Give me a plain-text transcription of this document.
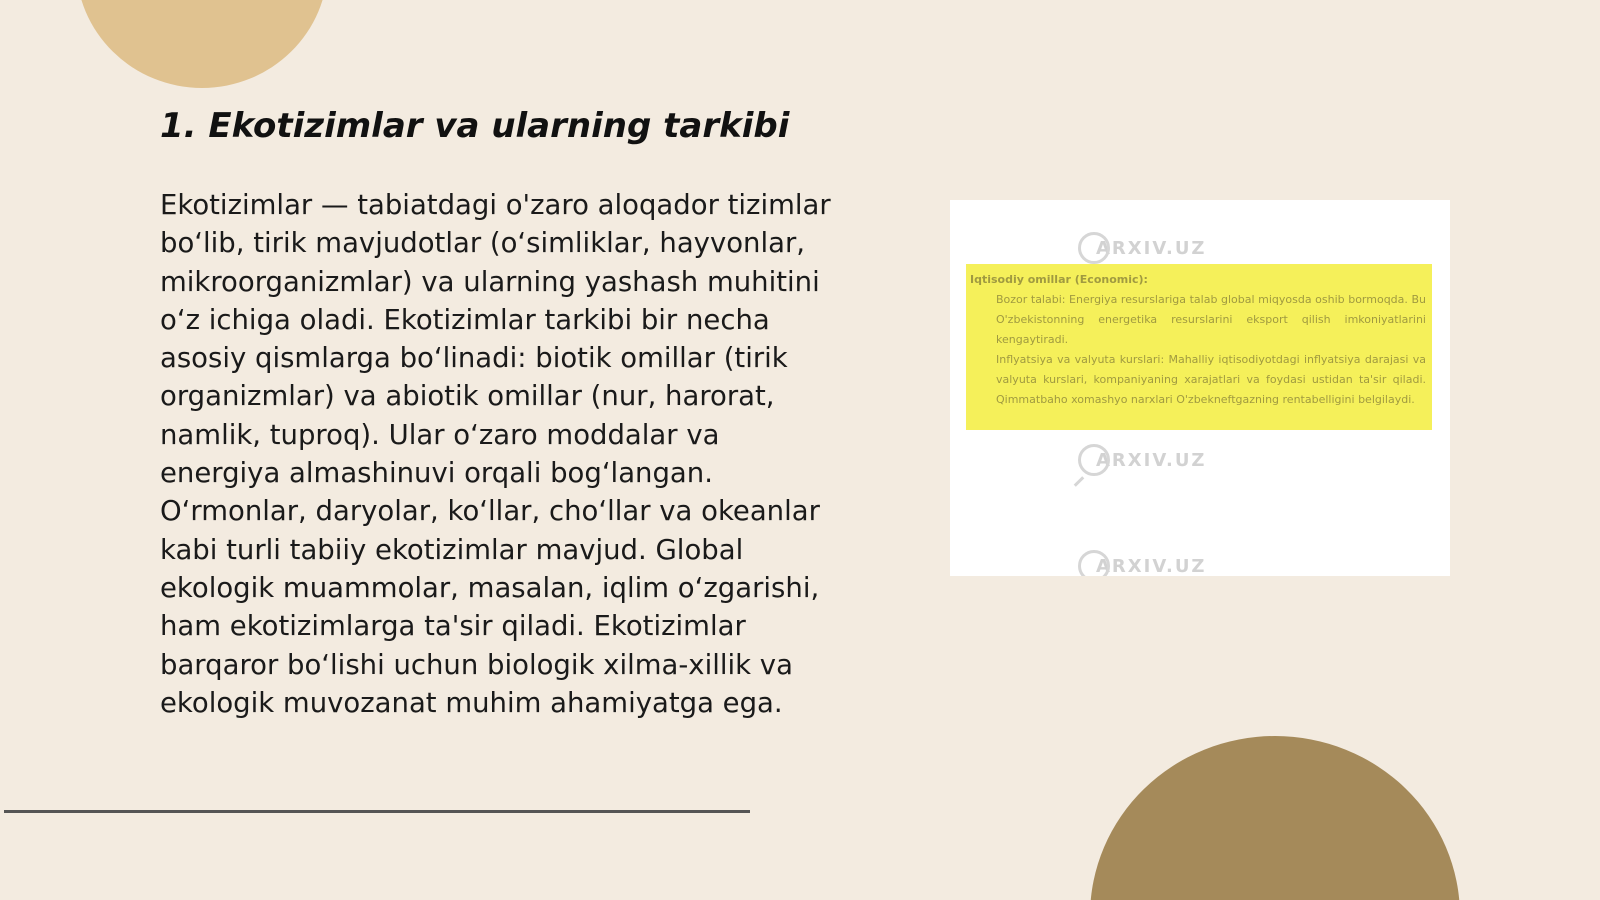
1. Ekotizimlar va ularning tarkibi

Ekotizimlar — tabiatdagi o'zaro aloqador tizimlar bo‘lib, tirik mavjudotlar (o‘simliklar, hayvonlar, mikroorganizmlar) va ularning yashash muhitini o‘z ichiga oladi. Ekotizimlar tarkibi bir necha asosiy qismlarga bo‘linadi: biotik omillar (tirik organizmlar) va abiotik omillar (nur, harorat, namlik, tuproq). Ular o‘zaro moddalar va energiya almashinuvi orqali bog‘langan. O‘rmonlar, daryolar, ko‘llar, cho‘llar va okeanlar kabi turli tabiiy ekotizimlar mavjud. Global ekologik muammolar, masalan, iqlim o‘zgarishi, ham ekotizimlarga ta'sir qiladi. Ekotizimlar barqaror bo‘lishi uchun biologik xilma-xillik va ekologik muvozanat muhim ahamiyatga ega.

ARXIV.UZ

Iqtisodiy omillar (Economic):

Bozor talabi: Energiya resurslariga talab global miqyosda oshib bormoqda. Bu O'zbekistonning energetika resurslarini eksport qilish imkoniyatlarini kengaytiradi.

Inflyatsiya va valyuta kurslari: Mahalliy iqtisodiyotdagi inflyatsiya darajasi va valyuta kurslari, kompaniyaning xarajatlari va foydasi ustidan ta'sir qiladi. Qimmatbaho xomashyo narxlari O'zbekneftgazning rentabelligini belgilaydi.

ARXIV.UZ
ARXIV.UZ
